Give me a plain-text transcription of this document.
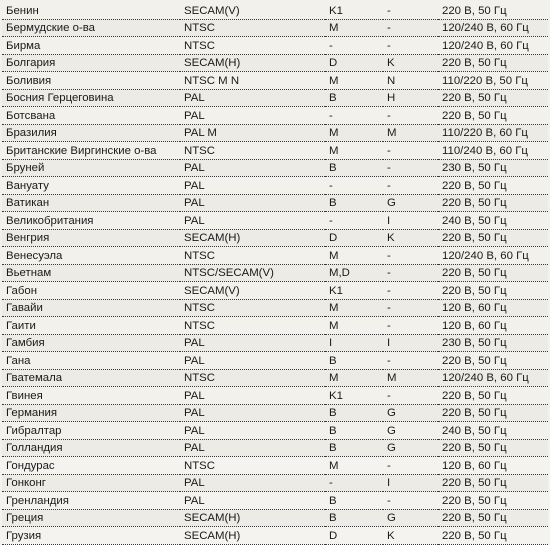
Бенин	SECAM(V)	K1	-	220 В, 50 Гц
Бермудские о-ва	NTSC	M	-	120/240 В, 60 Гц
Бирма	NTSC	-	-	120/240 В, 60 Гц
Болгария	SECAM(H)	D	K	220 В, 50 Гц
Боливия	NTSC M N	M	N	110/220 В, 50 Гц
Босния Герцеговина	PAL	B	H	220 В, 50 Гц
Ботсвана	PAL	-	-	220 В, 50 Гц
Бразилия	PAL M	M	M	110/220 В, 60 Гц
Британские Виргинские о-ва	NTSC	M	-	110/240 В, 60 Гц
Бруней	PAL	B	-	230 В, 50 Гц
Вануату	PAL	-	-	220 В, 50 Гц
Ватикан	PAL	B	G	220 В, 50 Гц
Великобритания	PAL	-	I	240 В, 50 Гц
Венгрия	SECAM(H)	D	K	220 В, 50 Гц
Венесуэла	NTSC	M	-	120/240 В, 60 Гц
Вьетнам	NTSC/SECAM(V)	M,D	-	220 В, 50 Гц
Габон	SECAM(V)	K1	-	220 В, 50 Гц
Гавайи	NTSC	M	-	120 В, 60 Гц
Гаити	NTSC	M	-	120 В, 60 Гц
Гамбия	PAL	I	I	230 В, 50 Гц
Гана	PAL	B	-	220 В, 50 Гц
Гватемала	NTSC	M	M	120/240 В, 60 Гц
Гвинея	PAL	K1	-	220 В, 50 Гц
Германия	PAL	B	G	220 В, 50 Гц
Гибралтар	PAL	B	G	240 В, 50 Гц
Голландия	PAL	B	G	220 В, 50 Гц
Гондурас	NTSC	M	-	120 В, 60 Гц
Гонконг	PAL	-	I	220 В, 50 Гц
Гренландия	PAL	B	-	220 В, 50 Гц
Греция	SECAM(H)	B	G	220 В, 50 Гц
Грузия	SECAM(H)	D	K	220 В, 50 Гц
